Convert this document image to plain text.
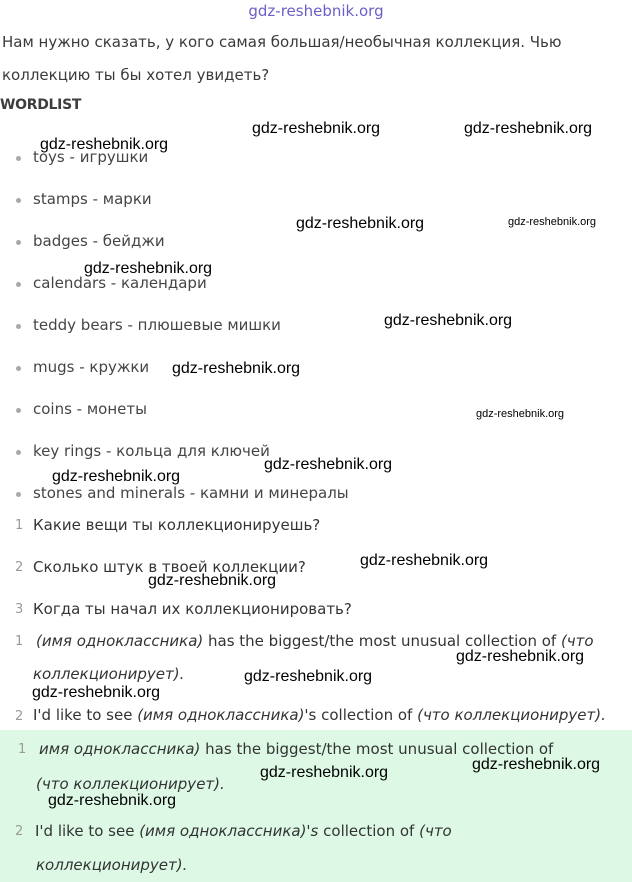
gdz-reshebnik.org
Нам нужно сказать, у кого самая большая/необычная коллекция. Чью
коллекцию ты бы хотел увидеть?
WORDLIST
toys - игрушки
stamps - марки
badges - бейджи
calendars - календари
teddy bears - плюшевые мишки
mugs - кружки
coins - монеты
key rings - кольца для ключей
stones and minerals - камни и минералы
1 Какие вещи ты коллекционируешь?
2 Сколько штук в твоей коллекции?
3 Когда ты начал их коллекционировать?
1 (имя одноклассника) has the biggest/the most unusual collection of (что
коллекционирует).
2 I'd like to see (имя одноклассника)'s collection of (что коллекционирует).
1 имя одноклассника) has the biggest/the most unusual collection of
(что коллекционирует).
2 I'd like to see (имя одноклассника)'s collection of (что
коллекционирует).
gdz-reshebnik.org
gdz-reshebnik.org	gdz-reshebnik.org
gdz-reshebnik.org	gdz-reshebnik.org
gdz-reshebnik.org
gdz-reshebnik.org
gdz-reshebnik.org
gdz-reshebnik.org
gdz-reshebnik.org
gdz-reshebnik.org
gdz-reshebnik.org
gdz-reshebnik.org
gdz-reshebnik.org
gdz-reshebnik.org
gdz-reshebnik.org
gdz-reshebnik.org	gdz-reshebnik.org
gdz-reshebnik.org
